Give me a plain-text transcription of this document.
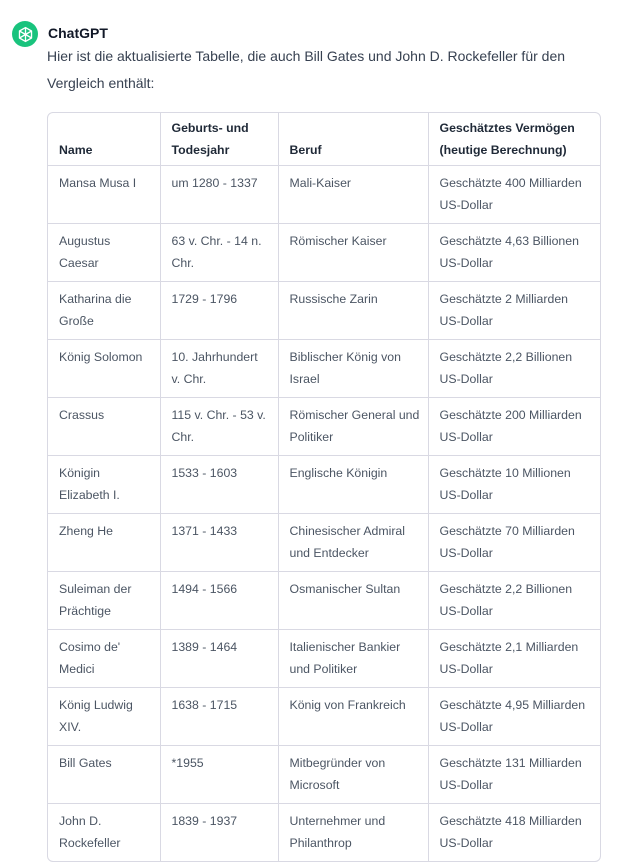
ChatGPT
Hier ist die aktualisierte Tabelle, die auch Bill Gates und John D. Rockefeller für den Vergleich enthält:
Name	Geburts- und Todesjahr	Beruf	Geschätztes Vermögen (heutige Berechnung)
Mansa Musa I	um 1280 - 1337	Mali-Kaiser	Geschätzte 400 Milliarden US-Dollar
Augustus Caesar	63 v. Chr. - 14 n. Chr.	Römischer Kaiser	Geschätzte 4,63 Billionen US-Dollar
Katharina die Große	1729 - 1796	Russische Zarin	Geschätzte 2 Milliarden US-Dollar
König Solomon	10. Jahrhundert v. Chr.	Biblischer König von Israel	Geschätzte 2,2 Billionen US-Dollar
Crassus	115 v. Chr. - 53 v. Chr.	Römischer General und Politiker	Geschätzte 200 Milliarden US-Dollar
Königin Elizabeth I.	1533 - 1603	Englische Königin	Geschätzte 10 Millionen US-Dollar
Zheng He	1371 - 1433	Chinesischer Admiral und Entdecker	Geschätzte 70 Milliarden US-Dollar
Suleiman der Prächtige	1494 - 1566	Osmanischer Sultan	Geschätzte 2,2 Billionen US-Dollar
Cosimo de' Medici	1389 - 1464	Italienischer Bankier und Politiker	Geschätzte 2,1 Milliarden US-Dollar
König Ludwig XIV.	1638 - 1715	König von Frankreich	Geschätzte 4,95 Milliarden US-Dollar
Bill Gates	*1955	Mitbegründer von Microsoft	Geschätzte 131 Milliarden US-Dollar
John D. Rockefeller	1839 - 1937	Unternehmer und Philanthrop	Geschätzte 418 Milliarden US-Dollar
